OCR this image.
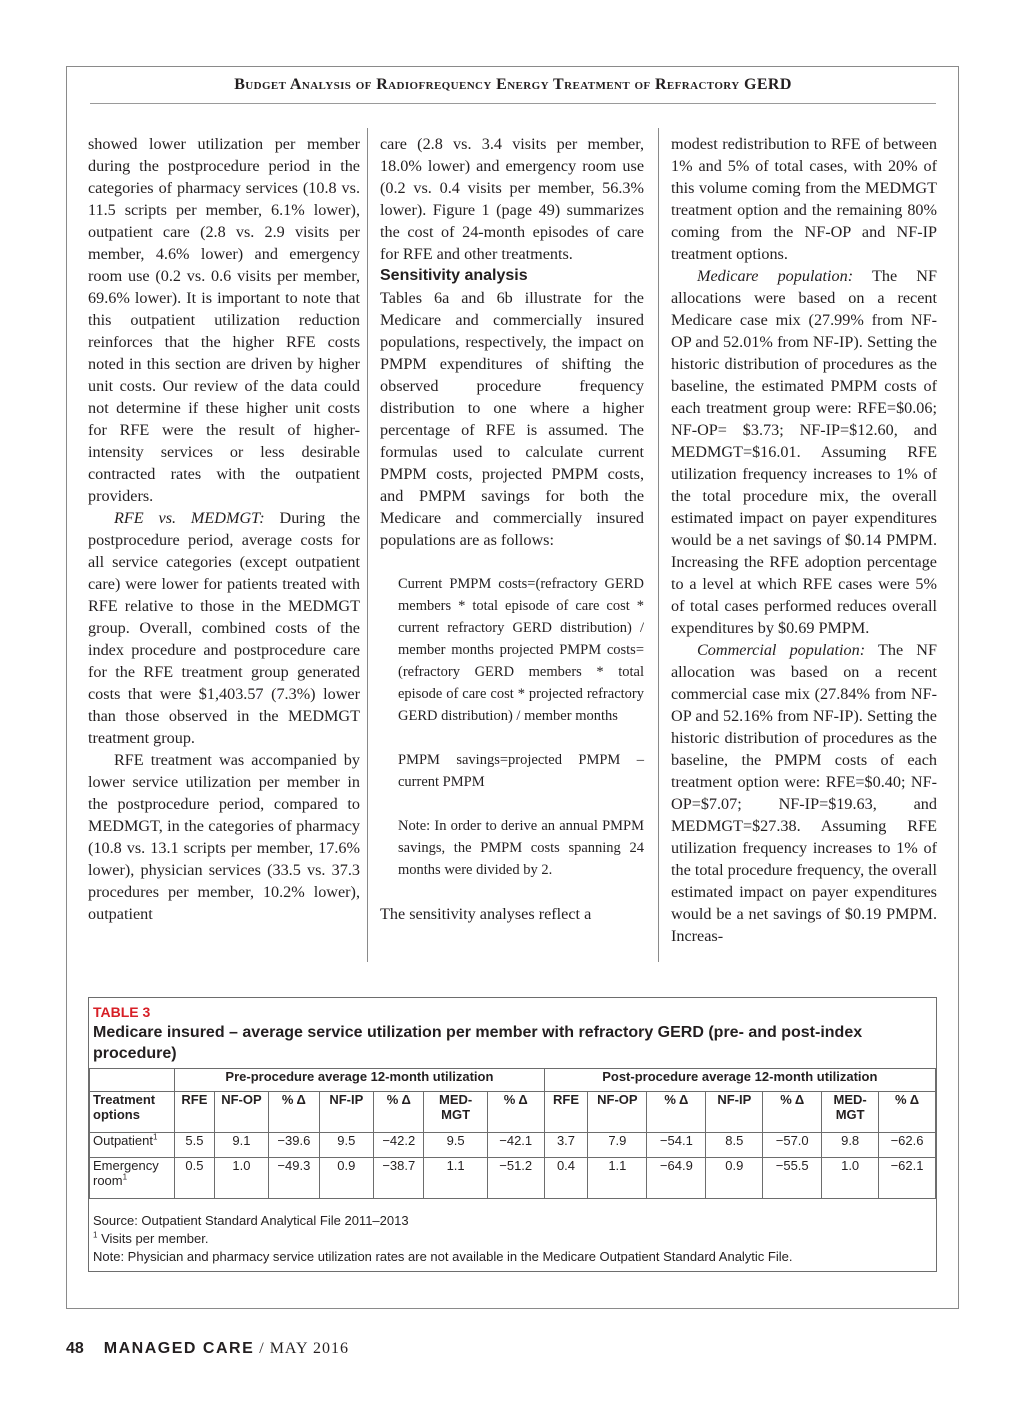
Budget Analysis of Radiofrequency Energy Treatment of Refractory GERD

showed lower utilization per member during the postprocedure period in the categories of pharmacy services (10.8 vs. 11.5 scripts per member, 6.1% lower), outpatient care (2.8 vs. 2.9 visits per member, 4.6% lower) and emergency room use (0.2 vs. 0.6 visits per member, 69.6% lower). It is important to note that this outpatient utilization reduction reinforces that the higher RFE costs noted in this section are driven by higher unit costs. Our review of the data could not determine if these higher unit costs for RFE were the result of higher-intensity services or less desirable contracted rates with the outpatient providers.

RFE vs. MEDMGT: During the postprocedure period, average costs for all service categories (except outpatient care) were lower for patients treated with RFE relative to those in the MEDMGT group. Overall, combined costs of the index procedure and postprocedure care for the RFE treatment group generated costs that were $1,403.57 (7.3%) lower than those observed in the MEDMGT treatment group.

RFE treatment was accompanied by lower service utilization per member in the postprocedure period, compared to MEDMGT, in the categories of pharmacy (10.8 vs. 13.1 scripts per member, 17.6% lower), physician services (33.5 vs. 37.3 procedures per member, 10.2% lower), outpatient

care (2.8 vs. 3.4 visits per member, 18.0% lower) and emergency room use (0.2 vs. 0.4 visits per member, 56.3% lower). Figure 1 (page 49) summarizes the cost of 24-month episodes of care for RFE and other treatments.

Sensitivity analysis

Tables 6a and 6b illustrate for the Medicare and commercially insured populations, respectively, the impact on PMPM expenditures of shifting the observed procedure frequency distribution to one where a higher percentage of RFE is assumed. The formulas used to calculate current PMPM costs, projected PMPM costs, and PMPM savings for both the Medicare and commercially insured populations are as follows:

Current PMPM costs=(refractory GERD members * total episode of care cost * current refractory GERD distribution) / member months projected PMPM costs=(refractory GERD members * total episode of care cost * projected refractory GERD distribution) / member months

PMPM savings=projected PMPM – current PMPM

Note: In order to derive an annual PMPM savings, the PMPM costs spanning 24 months were divided by 2.

The sensitivity analyses reflect a

modest redistribution to RFE of between 1% and 5% of total cases, with 20% of this volume coming from the MEDMGT treatment option and the remaining 80% coming from the NF-OP and NF-IP treatment options.

Medicare population: The NF allocations were based on a recent Medicare case mix (27.99% from NF-OP and 52.01% from NF-IP). Setting the historic distribution of procedures as the baseline, the estimated PMPM costs of each treatment group were: RFE=$0.06; NF-OP= $3.73; NF-IP=$12.60, and MEDMGT=$16.01. Assuming RFE utilization frequency increases to 1% of the total procedure mix, the overall estimated impact on payer expenditures would be a net savings of $0.14 PMPM. Increasing the RFE adoption percentage to a level at which RFE cases were 5% of total cases performed reduces overall expenditures by $0.69 PMPM.

Commercial population: The NF allocation was based on a recent commercial case mix (27.84% from NF-OP and 52.16% from NF-IP). Setting the historic distribution of procedures as the baseline, the PMPM costs of each treatment option were: RFE=$0.40; NF-OP=$7.07; NF-IP=$19.63, and MEDMGT=$27.38. Assuming RFE utilization frequency increases to 1% of the total procedure frequency, the overall estimated impact on payer expenditures would be a net savings of $0.19 PMPM. Increas-

TABLE 3
Medicare insured – average service utilization per member with refractory GERD (pre- and post-index procedure)
	Pre-procedure average 12-month utilization							Post-procedure average 12-month utilization						
Treatment options	RFE	NF-OP	% Δ	NF-IP	% Δ	MED-MGT	% Δ	RFE	NF-OP	% Δ	NF-IP	% Δ	MED-MGT	% Δ
Outpatient$^1$	5.5	9.1	−39.6	9.5	−42.2	9.5	−42.1	3.7	7.9	−54.1	8.5	−57.0	9.8	−62.6
Emergency room$^1$	0.5	1.0	−49.3	0.9	−38.7	1.1	−51.2	0.4	1.1	−64.9	0.9	−55.5	1.0	−62.1
Source: Outpatient Standard Analytical File 2011–2013
$^1$ Visits per member.
Note: Physician and pharmacy service utilization rates are not available in the Medicare Outpatient Standard Analytic File.
48 MANAGED CARE / MAY 2016
